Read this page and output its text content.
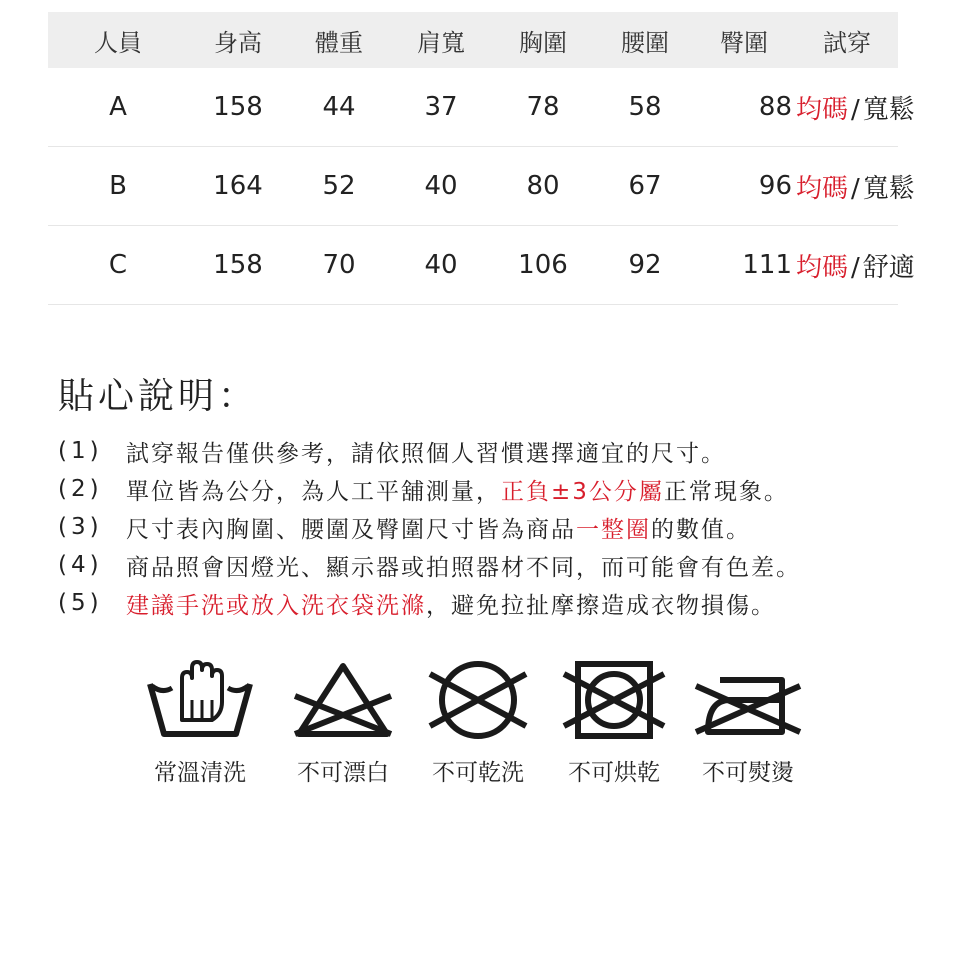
人員	身高	體重	肩寬	胸圍	腰圍	臀圍	試穿
A	158	44	37	78	58	88 均碼 / 寬鬆
B	164	52	40	80	67	96 均碼 / 寬鬆
C	158	70	40	106	92	111 均碼 / 舒適
貼心說明：
(1)	試穿報告僅供參考，請依照個人習慣選擇適宜的尺寸。
(2)	單位皆為公分，為人工平舖測量，正負±3公分屬正常現象。
(3)	尺寸表內胸圍、腰圍及臀圍尺寸皆為商品一整圈的數值。
(4)	商品照會因燈光、顯示器或拍照器材不同，而可能會有色差。
(5)	建議手洗或放入洗衣袋洗滌，避免拉扯摩擦造成衣物損傷。
常溫清洗	不可漂白	不可乾洗	不可烘乾	不可熨燙
